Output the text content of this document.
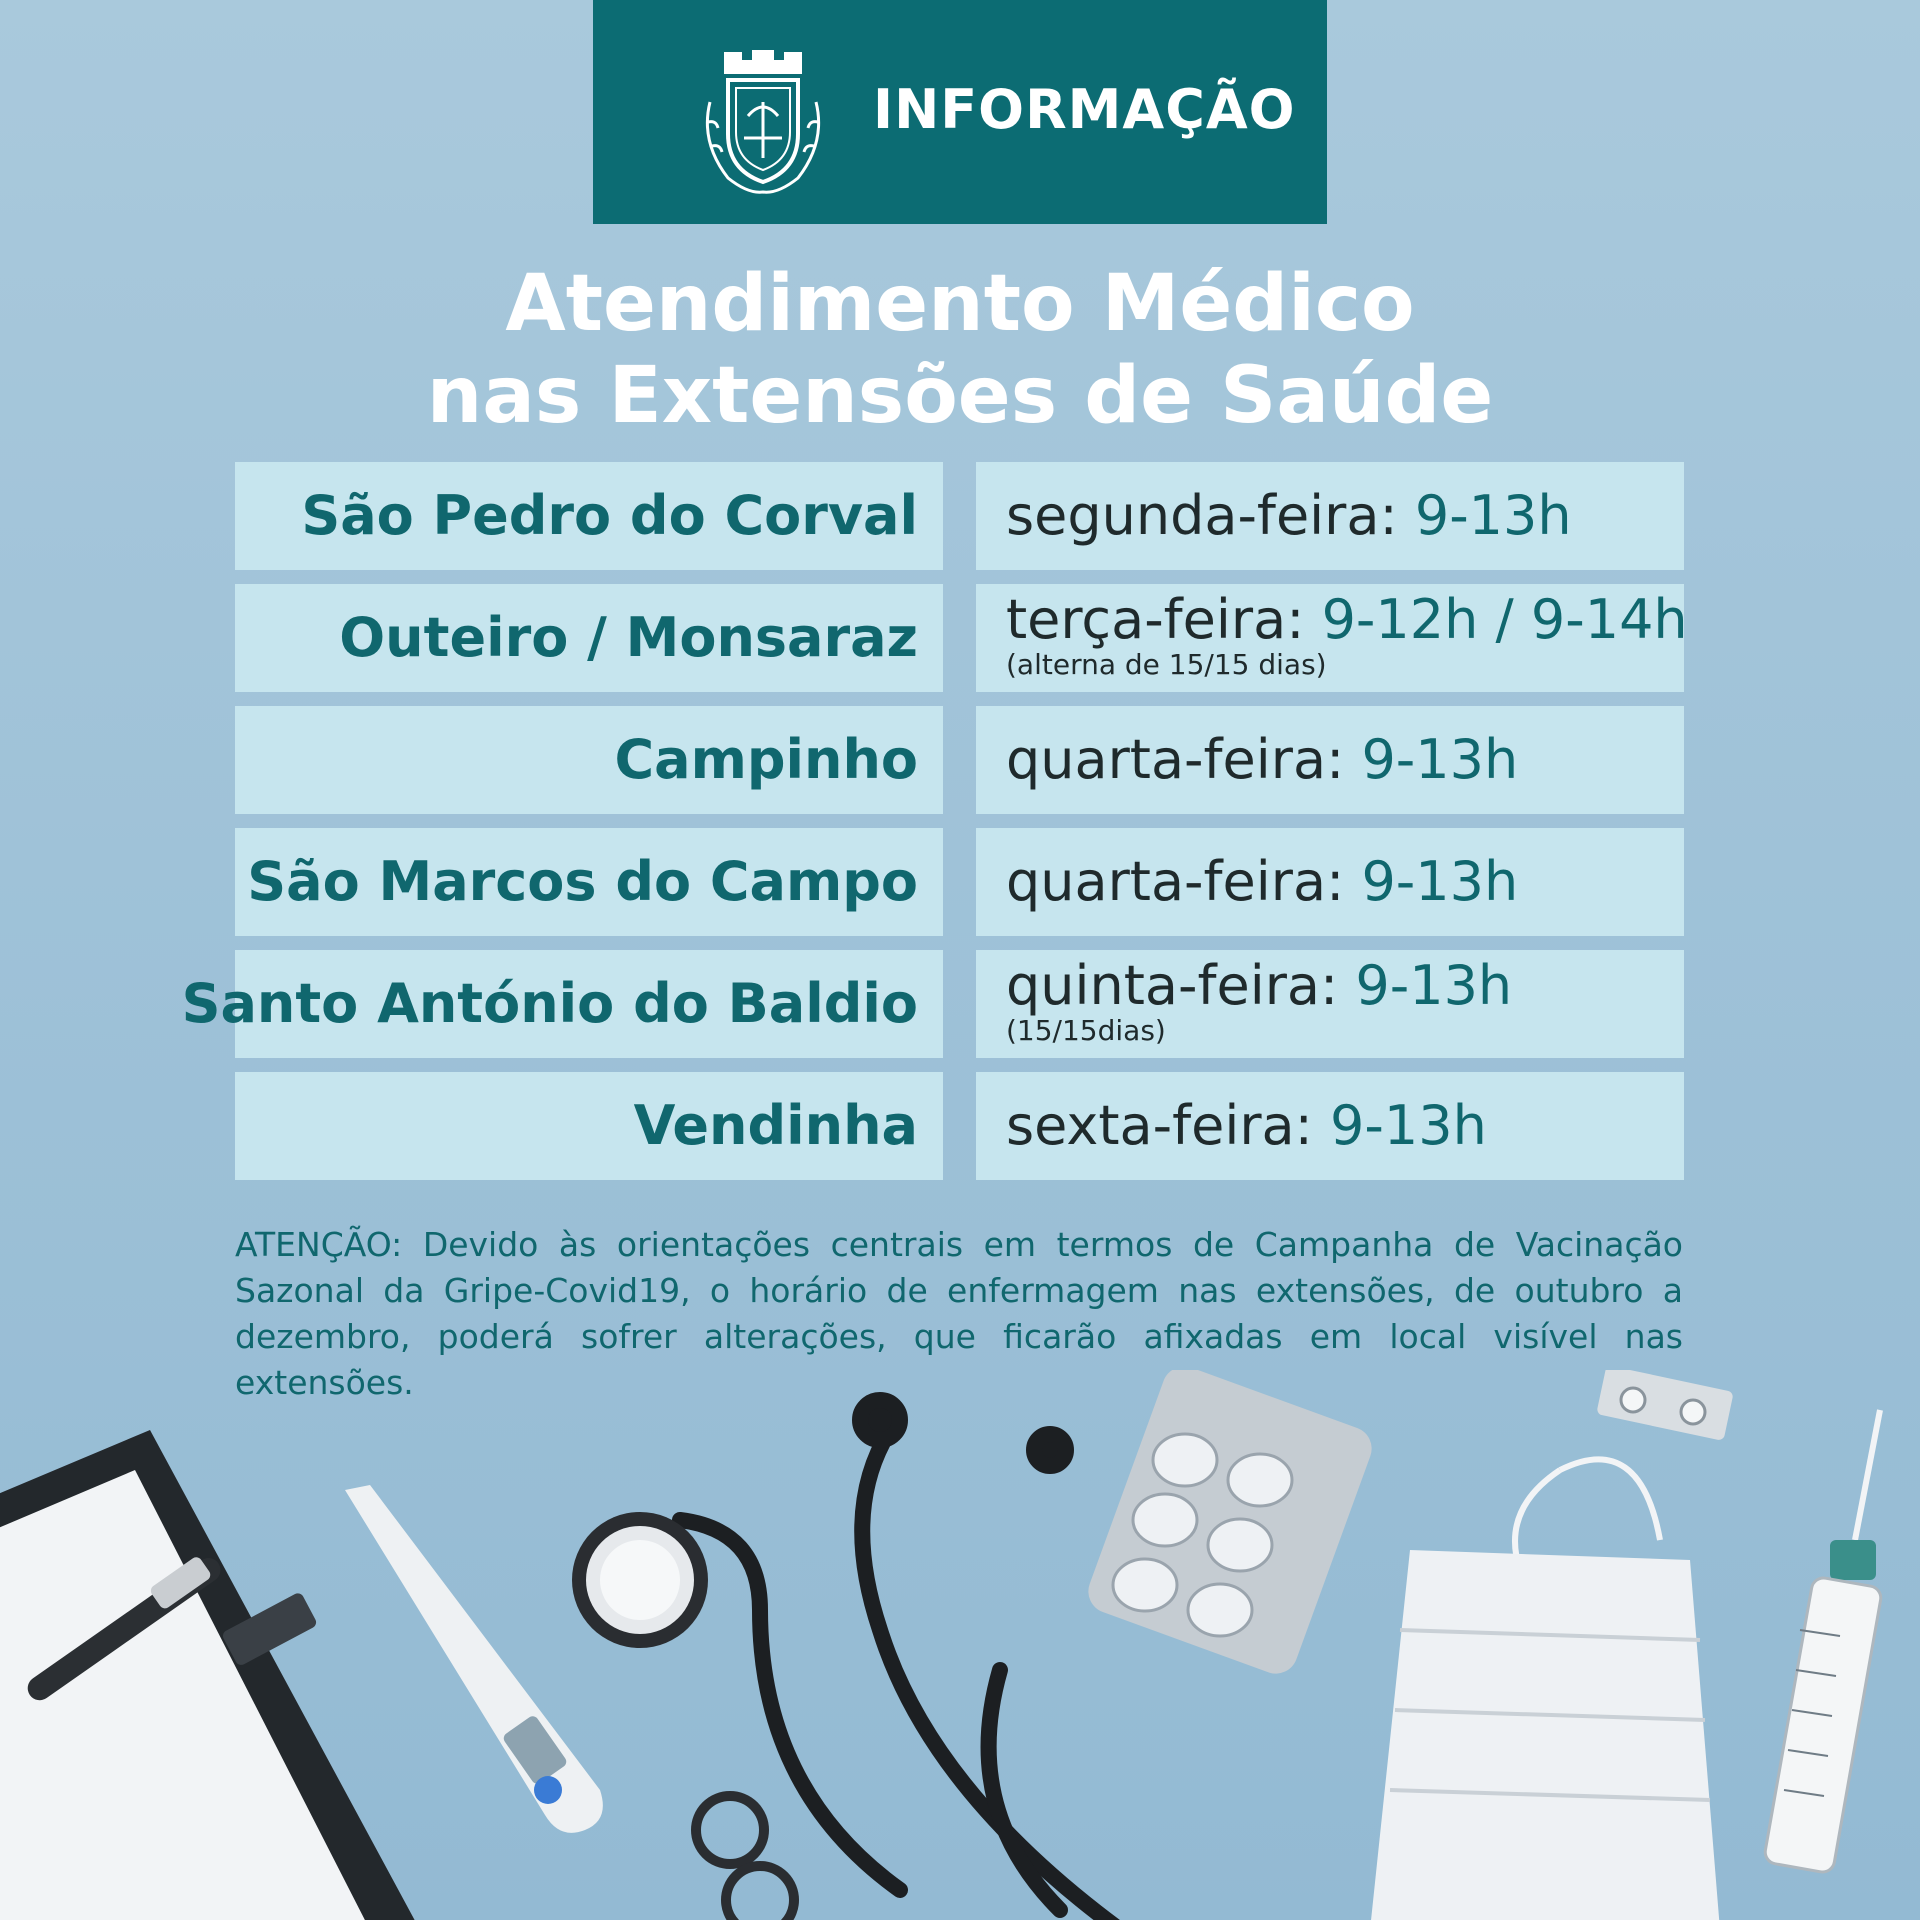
INFORMAÇÃO
Atendimento Médico
nas Extensões de Saúde
São Pedro do Corval segunda-feira: 9-13h
Outeiro / Monsaraz terça-feira: 9-12h / 9-14h
(alterna de 15/15 dias)
Campinho quarta-feira: 9-13h
São Marcos do Campo quarta-feira: 9-13h
Santo António do Baldio quinta-feira: 9-13h
(15/15dias)
Vendinha sexta-feira: 9-13h
ATENÇÃO: Devido às orientações centrais em termos de Campanha de Vacinação Sazonal da Gripe-Covid19, o horário de enfermagem nas extensões, de outubro a dezembro, poderá sofrer alterações, que ficarão afixadas em local visível nas extensões.
